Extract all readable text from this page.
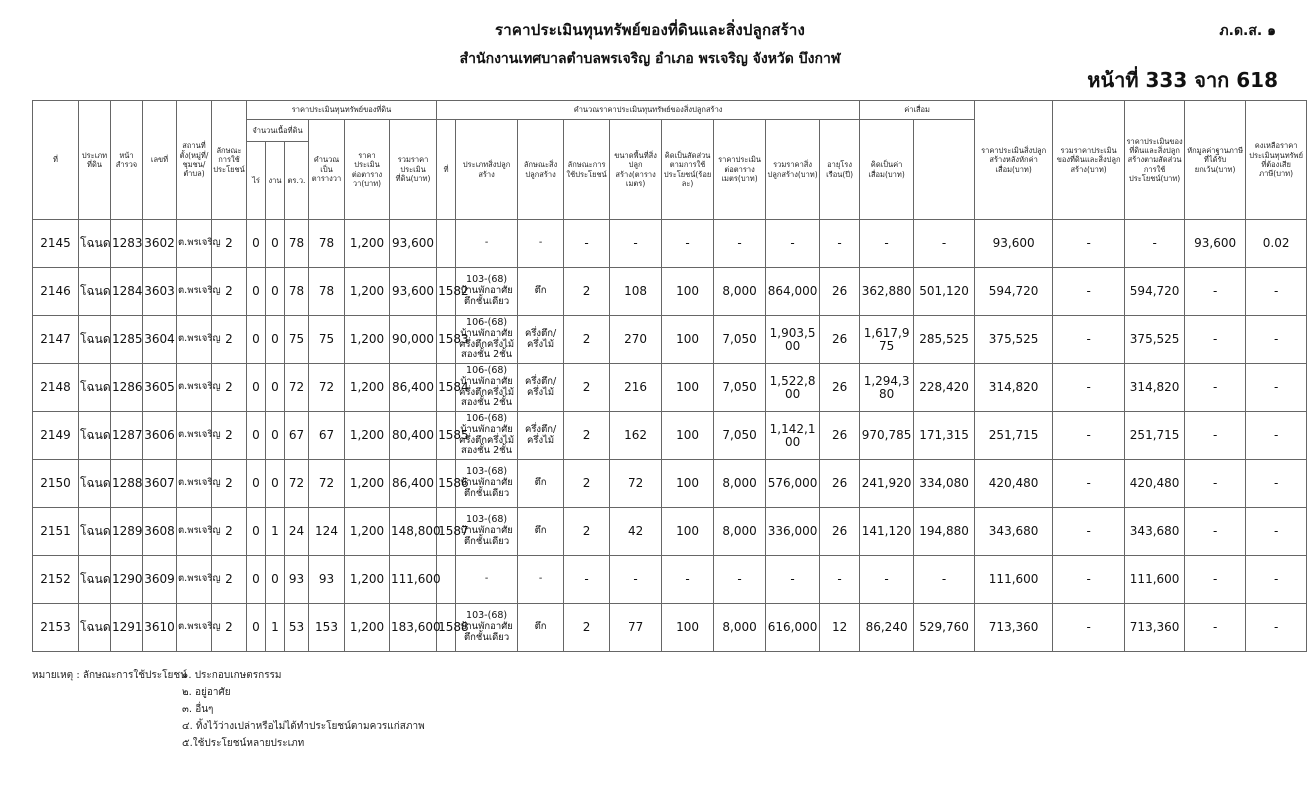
ภ.ด.ส. ๑
ราคาประเมินทุนทรัพย์ของที่ดินและสิ่งปลูกสร้าง
สำนักงานเทศบาลตำบลพรเจริญ อำเภอ พรเจริญ จังหวัด บึงกาฬ
หน้าที่ 333 จาก 618
ที่	ประเภทที่ดิน	หน้าสำรวจ	เลขที่	สถานที่ตั้ง(หมู่ที่/ชุมชน/ตำบล)	ลักษณะการใช้ประโยชน์	ราคาประเมินทุนทรัพย์ของที่ดิน						คำนวณราคาประเมินทุนทรัพย์ของสิ่งปลูกสร้าง									ค่าเสื่อม		ราคาประเมินสิ่งปลูกสร้างหลังหักค่าเสื่อม(บาท)	รวมราคาประเมินของที่ดินและสิ่งปลูกสร้าง(บาท)	ราคาประเมินของที่ดินและสิ่งปลูกสร้างตามสัดส่วนการใช้ประโยชน์(บาท)	หักมูลค่าฐานภาษีที่ได้รับยกเว้น(บาท)	คงเหลือราคาประเมินทุนทรัพย์ที่ต้องเสียภาษี(บาท)	
						จำนวนเนื้อที่ดิน			คำนวณเป็นตารางวา	ราคาประเมินต่อตารางวา(บาท)	รวมราคาประเมินที่ดิน(บาท)	ที่	ประเภทสิ่งปลูกสร้าง	ลักษณะสิ่งปลูกสร้าง	ลักษณะการใช้ประโยชน์	ขนาดพื้นที่สิ่งปลูกสร้าง(ตารางเมตร)	คิดเป็นสัดส่วนตามการใช้ประโยชน์(ร้อยละ)	ราคาประเมินต่อตารางเมตร(บาท)	รวมราคาสิ่งปลูกสร้าง(บาท)	อายุโรงเรือน(ปี)	คิดเป็นค่าเสื่อม(บาท)							
						ไร่	งาน	ตร.ว.																				
2145	โฉนด	1283	3602	ต.พรเจริญ	2	0	0	78	78	1,200	93,600		-	-	-	-	-	-	-	-	-	-	93,600	-	-	93,600	0.02	
2146	โฉนด	1284	3603	ต.พรเจริญ	2	0	0	78	78	1,200	93,600	1582	103-(68) บ้านพักอาศัยตึกชั้นเดียว	ตึก	2	108	100	8,000	864,000	26	362,880	501,120	594,720	-	594,720	-	-	
2147	โฉนด	1285	3604	ต.พรเจริญ	2	0	0	75	75	1,200	90,000	1583	106-(68) บ้านพักอาศัยครึ่งตึกครึ่งไม้สองชั้น 2ชั้น	ครึ่งตึก/ครึ่งไม้	2	270	100	7,050	1,903,500	26	1,617,975	285,525	375,525	-	375,525	-	-	
2148	โฉนด	1286	3605	ต.พรเจริญ	2	0	0	72	72	1,200	86,400	1584	106-(68) บ้านพักอาศัยครึ่งตึกครึ่งไม้สองชั้น 2ชั้น	ครึ่งตึก/ครึ่งไม้	2	216	100	7,050	1,522,800	26	1,294,380	228,420	314,820	-	314,820	-	-	
2149	โฉนด	1287	3606	ต.พรเจริญ	2	0	0	67	67	1,200	80,400	1585	106-(68) บ้านพักอาศัยครึ่งตึกครึ่งไม้สองชั้น 2ชั้น	ครึ่งตึก/ครึ่งไม้	2	162	100	7,050	1,142,100	26	970,785	171,315	251,715	-	251,715	-	-	
2150	โฉนด	1288	3607	ต.พรเจริญ	2	0	0	72	72	1,200	86,400	1586	103-(68) บ้านพักอาศัยตึกชั้นเดียว	ตึก	2	72	100	8,000	576,000	26	241,920	334,080	420,480	-	420,480	-	-	
2151	โฉนด	1289	3608	ต.พรเจริญ	2	0	1	24	124	1,200	148,800	1587	103-(68) บ้านพักอาศัยตึกชั้นเดียว	ตึก	2	42	100	8,000	336,000	26	141,120	194,880	343,680	-	343,680	-	-	
2152	โฉนด	1290	3609	ต.พรเจริญ	2	0	0	93	93	1,200	111,600		-	-	-	-	-	-	-	-	-	-	111,600	-	111,600	-	-	
2153	โฉนด	1291	3610	ต.พรเจริญ	2	0	1	53	153	1,200	183,600	1588	103-(68) บ้านพักอาศัยตึกชั้นเดียว	ตึก	2	77	100	8,000	616,000	12	86,240	529,760	713,360	-	713,360	-	-	
หมายเหตุ : ลักษณะการใช้ประโยชน์
๑. ประกอบเกษตรกรรม
๒. อยู่อาศัย
๓. อื่นๆ
๔. ทิ้งไว้ว่างเปล่าหรือไม่ได้ทำประโยชน์ตามควรแก่สภาพ
๕.ใช้ประโยชน์หลายประเภท
